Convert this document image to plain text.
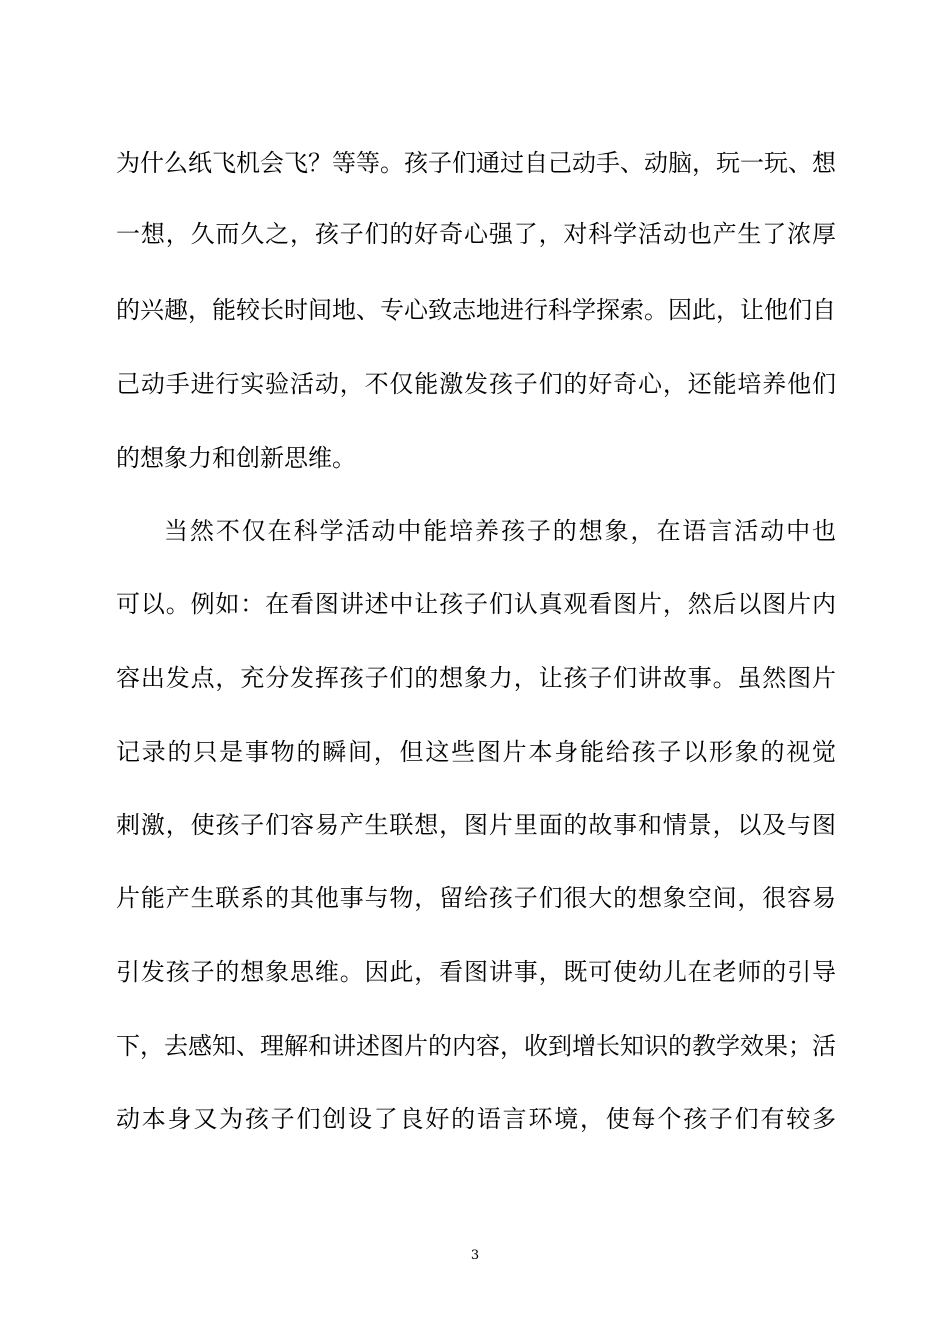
为什么纸飞机会飞？等等。孩子们通过自己动手、动脑，玩一玩、想
一想，久而久之，孩子们的好奇心强了，对科学活动也产生了浓厚
的兴趣，能较长时间地、专心致志地进行科学探索。因此，让他们自
己动手进行实验活动，不仅能激发孩子们的好奇心，还能培养他们
的想象力和创新思维。
当然不仅在科学活动中能培养孩子的想象，在语言活动中也
可以。例如：在看图讲述中让孩子们认真观看图片，然后以图片内
容出发点，充分发挥孩子们的想象力，让孩子们讲故事。虽然图片
记录的只是事物的瞬间，但这些图片本身能给孩子以形象的视觉
刺激，使孩子们容易产生联想，图片里面的故事和情景，以及与图
片能产生联系的其他事与物，留给孩子们很大的想象空间，很容易
引发孩子的想象思维。因此，看图讲事，既可使幼儿在老师的引导
下，去感知、理解和讲述图片的内容，收到增长知识的教学效果；活
动本身又为孩子们创设了良好的语言环境，使每个孩子们有较多
3
